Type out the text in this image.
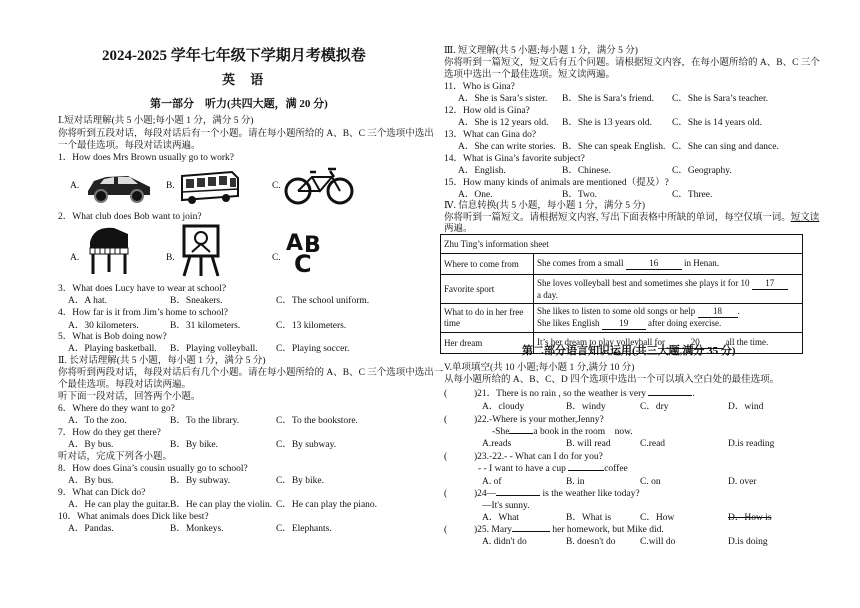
2024-2025 学年七年级下学期月考模拟卷
英 语
第一部分　听力(共四大题，满 20 分)
Ⅰ.短对话理解(共 5 小题;每小题 1 分，满分 5 分)
你将听到五段对话，每段对话后有一个小题。请在每小题所给的 A、B、C 三个选项中选出
一个最佳选项。每段对话读两遍。
1．How does Mrs Brown usually go to work?
A.	B.	C.
2．What club does Bob want to join?
A.	B.	C.
A B
C
3．What does Lucy have to wear at school?
A．A hat.	B．Sneakers.	C．The school uniform.
4．How far is it from Jim’s home to school?
A．30 kilometers.	B．31 kilometers.	C．13 kilometers.
5．What is Bob doing now?
A．Playing basketball. B．Playing volleyball. C．Playing soccer.
Ⅱ. 长对话理解(共 5 小题，每小题 1 分，满分 5 分)
你将听到两段对话，每段对话后有几个小题。请在每小题所给的 A、B、C 三个选项中选出一
个最佳选项。每段对话读两遍。
听下面一段对话，回答两个小题。
6．Where do they want to go?
A．To the zoo.	B．To the library.	C．To the bookstore.
7．How do they get there?
A．By bus.	B．By bike.	C．By subway.
听对话，完成下列各小题。
8．How does Gina’s cousin usually go to school?
A．By bus.	B．By subway.	C．By bike.
9．What can Dick do?
A．He can play the guitar. B．He can play the violin. C．He can play the piano.
10．What animals does Dick like best?
A．Pandas.	B．Monkeys.	C．Elephants.
Ⅲ. 短文理解(共 5 小题;每小题 1 分，满分 5 分)
你将听到一篇短文，短文后有五个问题。请根据短文内容，在每小题所给的 A、B、C 三个
选项中选出一个最佳选项。短文读两遍。
11．Who is Gina?
A．She is Sara’s sister. B．She is Sara’s friend. C．She is Sara’s teacher.
12．How old is Gina?
A．She is 12 years old. B．She is 13 years old. C．She is 14 years old.
13．What can Gina do?
A．She can write stories. B．She can speak English. C．She can sing and dance.
14．What is Gina’s favorite subject?
A．English.	B．Chinese.	C．Geography.
15．How many kinds of animals are mentioned（提及）?
A．One.	B．Two.	C．Three.
Ⅳ. 信息转换(共 5 小题，每小题 1 分，满分 5 分)
你将听到一篇短文。请根据短文内容, 写出下面表格中所缺的单词，每空仅填一词。短文读
两遍。
Zhu Ting’s information sheet	
Where to come from	She comes from a small 16 in Henan.
Favorite sport	She loves volleyball best and sometimes she plays it for 10 17
a day.
What to do in her free time	She likes to listen to some old songs or help 18 .
She likes English 19 after doing exercise.
Her dream	It’s her dream to play volleyball for 20 all the time.
第二部分语言知识运用(共三大题,满分 35 分)
V.单项填空(共 10 小题;每小题 1 分,满分 10 分)
从每小题所给的 A、B、C、D 四个选项中选出一个可以填入空白处的最佳选项。
(	)21．There is no rain , so the weather is very	.
A．cloudy	B．windy	C．dry	D．wind
(	)22.-Where is your mother,Jenny?
-She	a book in the room　now.
A.reads	B. will read	C.read	D.is reading
(	)23.-22.- - What can I do for you?
- - I want to have a cup	coffee
A. of	B. in	C. on	D. over
(	)24—	is the weather like today?
—It's sunny.
A．What	B．What is	C．How	D．How is
(	)25. Mary	her homework, but Mike did.
A. didn't do	B. doesn't do	C.will do	D.is doing
